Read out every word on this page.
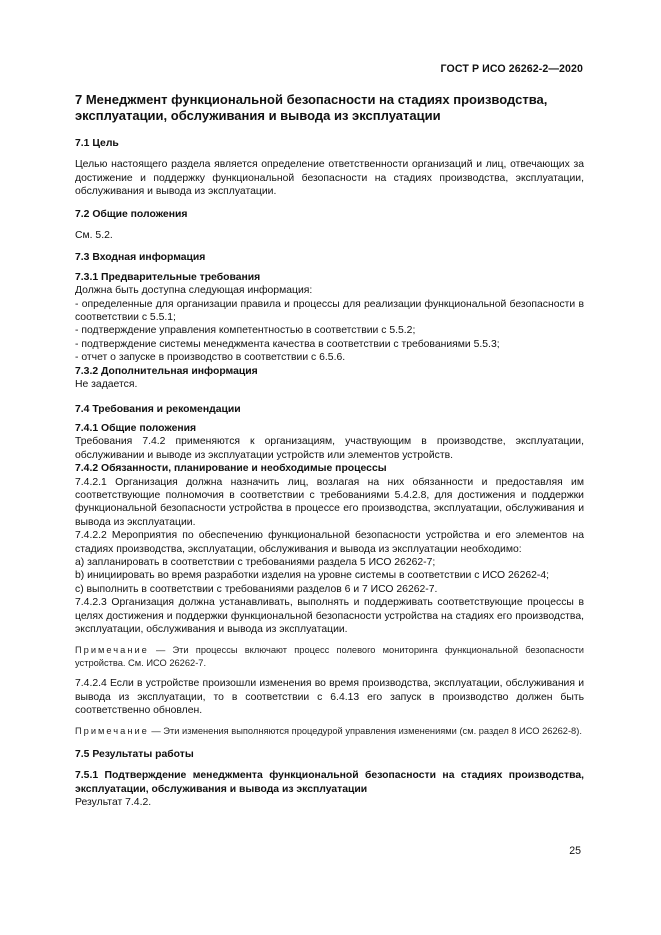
ГОСТ Р ИСО 26262-2—2020
7 Менеджмент функциональной безопасности на стадиях производства, эксплуатации, обслуживания и вывода из эксплуатации
7.1 Цель

Целью настоящего раздела является определение ответственности организаций и лиц, отвечающих за достижение и поддержку функциональной безопасности на стадиях производства, эксплуатации, обслуживания и вывода из эксплуатации.

7.2 Общие положения

См. 5.2.

7.3 Входная информация
7.3.1 Предварительные требования

Должна быть доступна следующая информация:

- определенные для организации правила и процессы для реализации функциональной безопасности в соответствии с 5.5.1;

- подтверждение управления компетентностью в соответствии с 5.5.2;

- подтверждение системы менеджмента качества в соответствии с требованиями 5.5.3;

- отчет о запуске в производство в соответствии с 6.5.6.

7.3.2 Дополнительная информация

Не задается.

7.4 Требования и рекомендации
7.4.1 Общие положения

Требования 7.4.2 применяются к организациям, участвующим в производстве, эксплуатации, обслуживании и выводе из эксплуатации устройств или элементов устройств.

7.4.2 Обязанности, планирование и необходимые процессы

7.4.2.1 Организация должна назначить лиц, возлагая на них обязанности и предоставляя им соответствующие полномочия в соответствии с требованиями 5.4.2.8, для достижения и поддержки функциональной безопасности устройства в процессе его производства, эксплуатации, обслуживания и вывода из эксплуатации.

7.4.2.2 Мероприятия по обеспечению функциональной безопасности устройства и его элементов на стадиях производства, эксплуатации, обслуживания и вывода из эксплуатации необходимо:

a) запланировать в соответствии с требованиями раздела 5 ИСО 26262-7;

b) инициировать во время разработки изделия на уровне системы в соответствии с ИСО 26262-4;

c) выполнить в соответствии с требованиями разделов 6 и 7 ИСО 26262-7.

7.4.2.3 Организация должна устанавливать, выполнять и поддерживать соответствующие процессы в целях достижения и поддержки функциональной безопасности устройства на стадиях его производства, эксплуатации, обслуживания и вывода из эксплуатации.

Примечание — Эти процессы включают процесс полевого мониторинга функциональной безопасности устройства. См. ИСО 26262-7.

7.4.2.4 Если в устройстве произошли изменения во время производства, эксплуатации, обслуживания и вывода из эксплуатации, то в соответствии с 6.4.13 его запуск в производство должен быть соответственно обновлен.

Примечание — Эти изменения выполняются процедурой управления изменениями (см. раздел 8 ИСО 26262-8).

7.5 Результаты работы
7.5.1 Подтверждение менеджмента функциональной безопасности на стадиях производства, эксплуатации, обслуживания и вывода из эксплуатации

Результат 7.4.2.

25
